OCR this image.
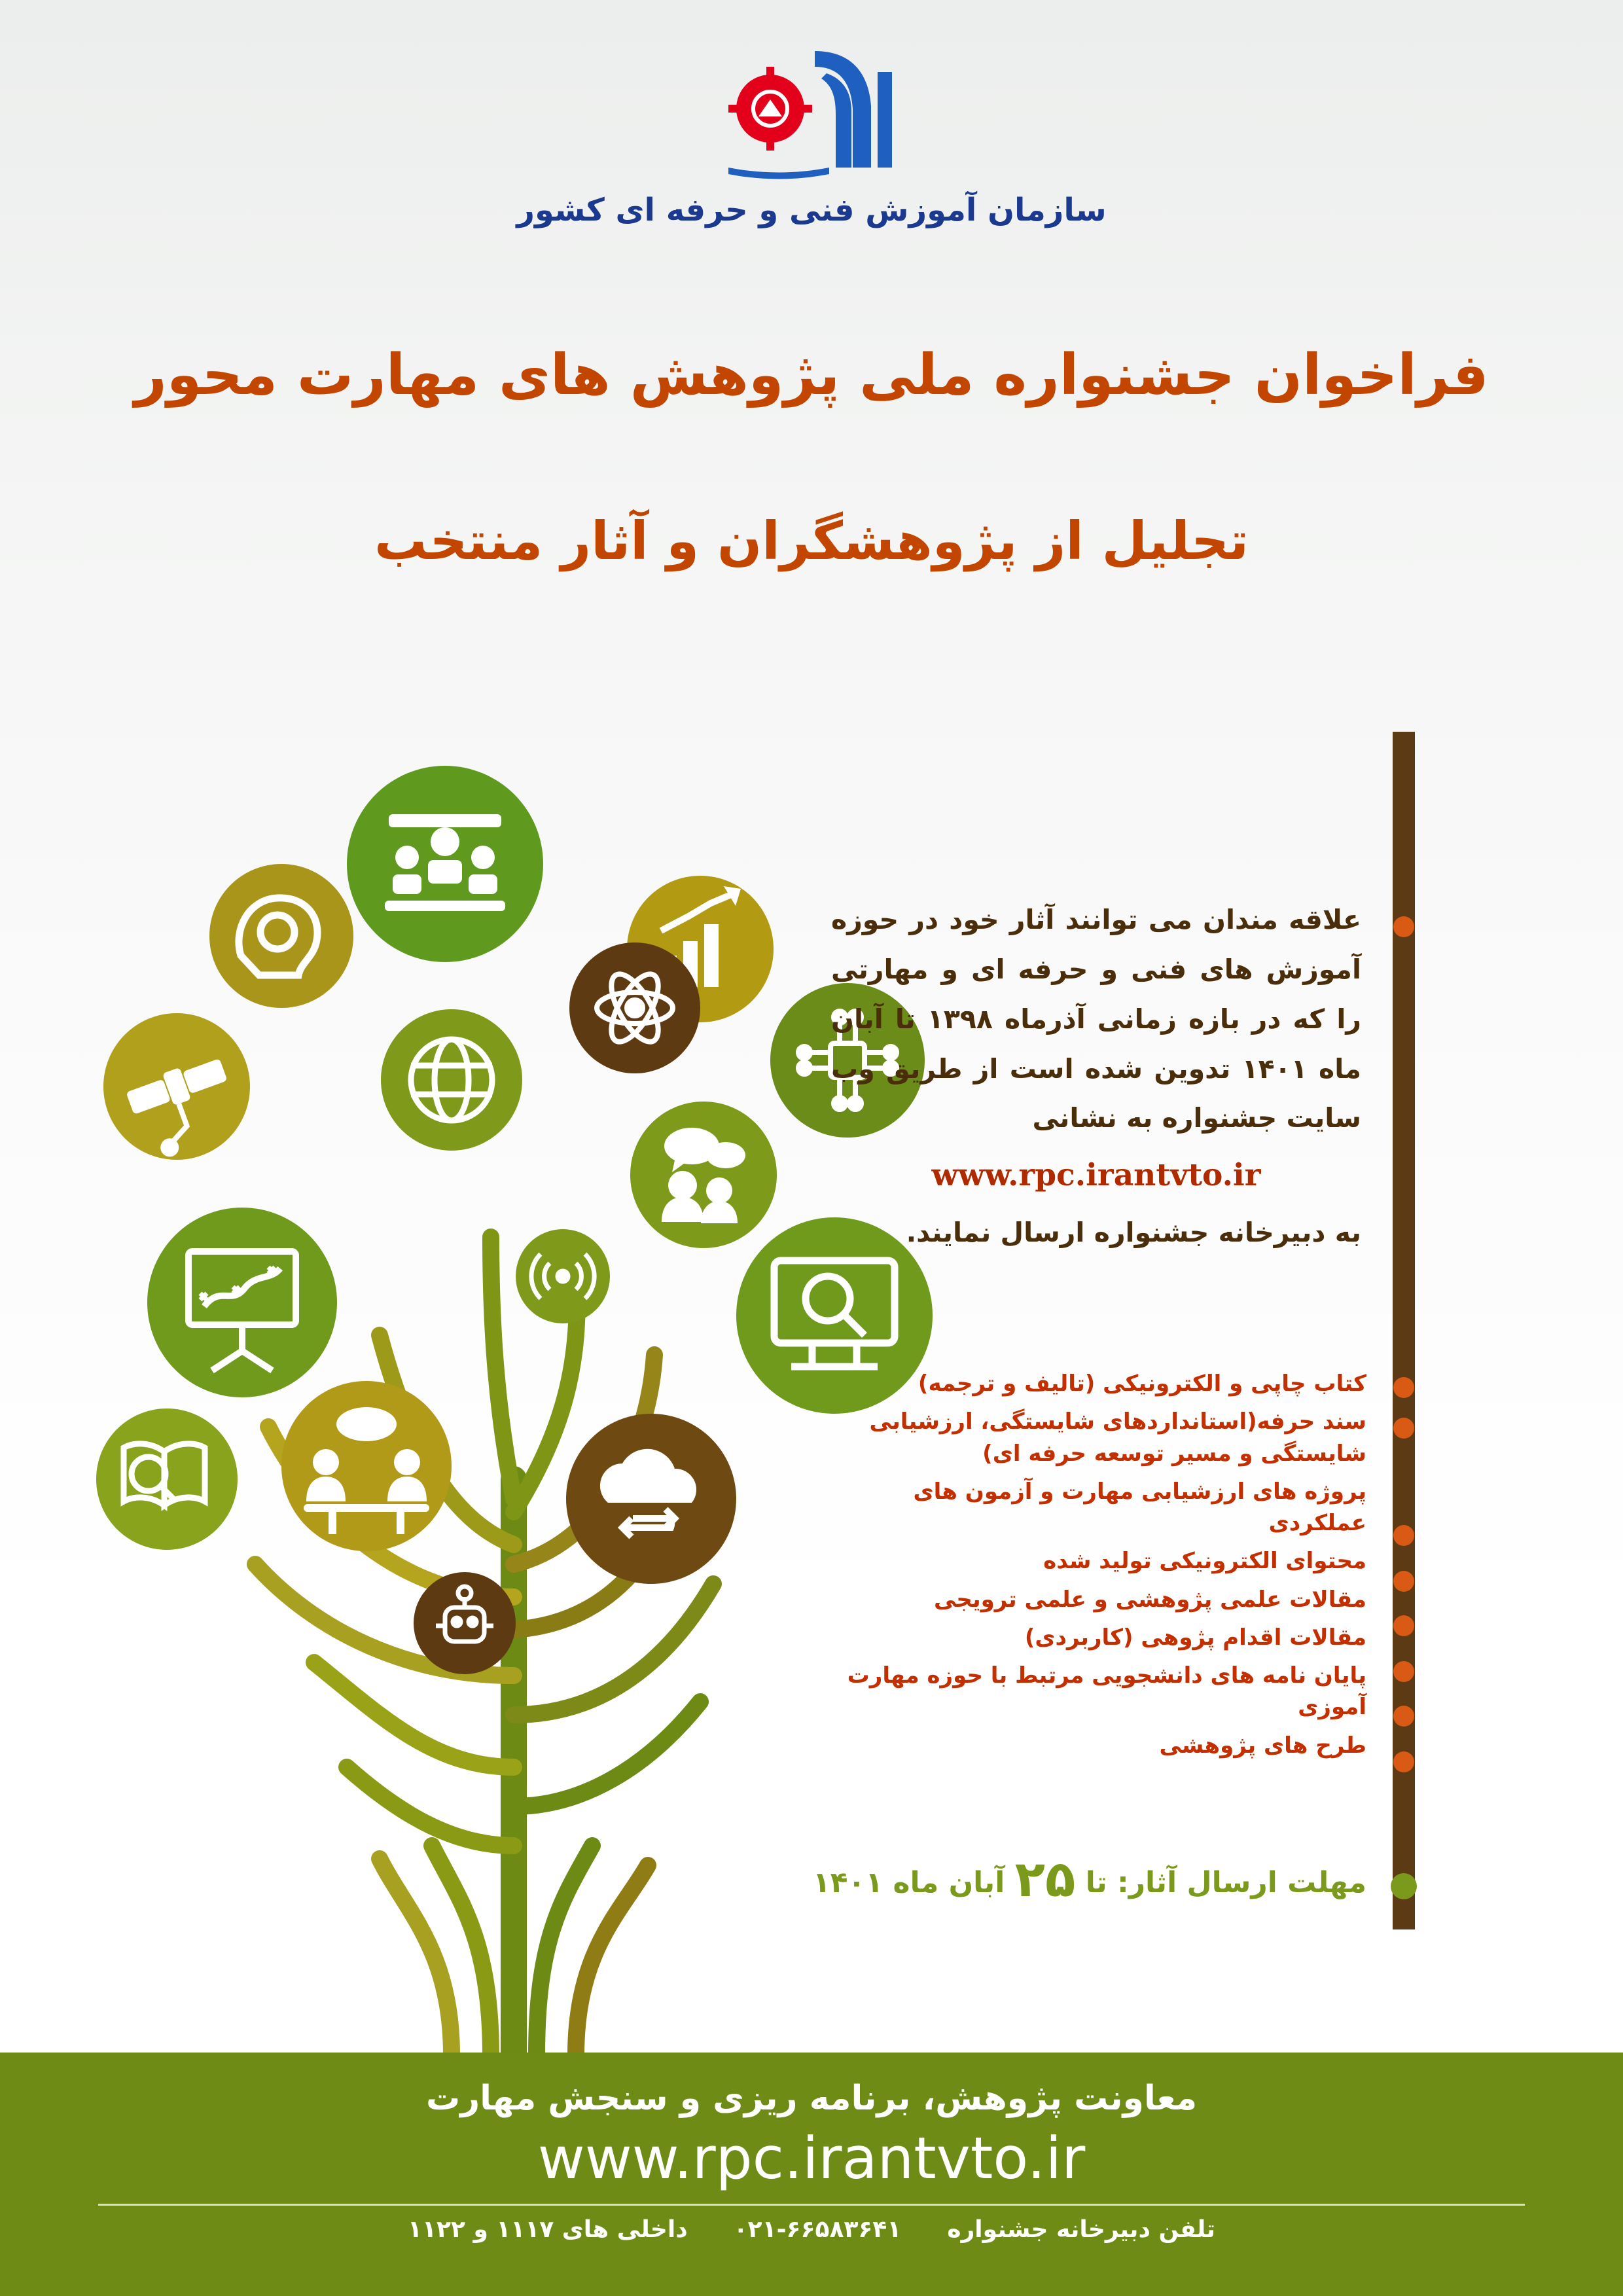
سازمان آموزش فنی و حرفه ای کشور
فراخوان جشنواره ملی پژوهش های مهارت محور
تجلیل از پژوهشگران و آثار منتخب
علاقه مندان می توانند آثار خود در حوزه آموزش های فنی و حرفه ای و مهارتی را که در بازه زمانی آذرماه ۱۳۹۸ تا آبان ماه ۱۴۰۱ تدوین شده است از طریق وب سایت جشنواره به نشانی
www.rpc.irantvto.ir
به دبیرخانه جشنواره ارسال نمایند.
کتاب چاپی و الکترونیکی (تالیف و ترجمه)
سند حرفه(استانداردهای شایستگی، ارزشیابی شایستگی و مسیر توسعه حرفه ای)
پروژه های ارزشیابی مهارت و آزمون های عملکردی
محتوای الکترونیکی تولید شده
مقالات علمی پژوهشی و علمی ترویجی
مقالات اقدام پژوهی (کاربردی)
پایان نامه های دانشجویی مرتبط با حوزه مهارت آموزی
طرح های پژوهشی
مهلت ارسال آثار: تا ۲۵ آبان ماه ۱۴۰۱
معاونت پژوهش، برنامه ریزی و سنجش مهارت
www.rpc.irantvto.ir
تلفن دبیرخانه جشنواره
۰۲۱-۶۶۵۸۳۶۴۱
داخلی های ۱۱۱۷ و ۱۱۲۲
